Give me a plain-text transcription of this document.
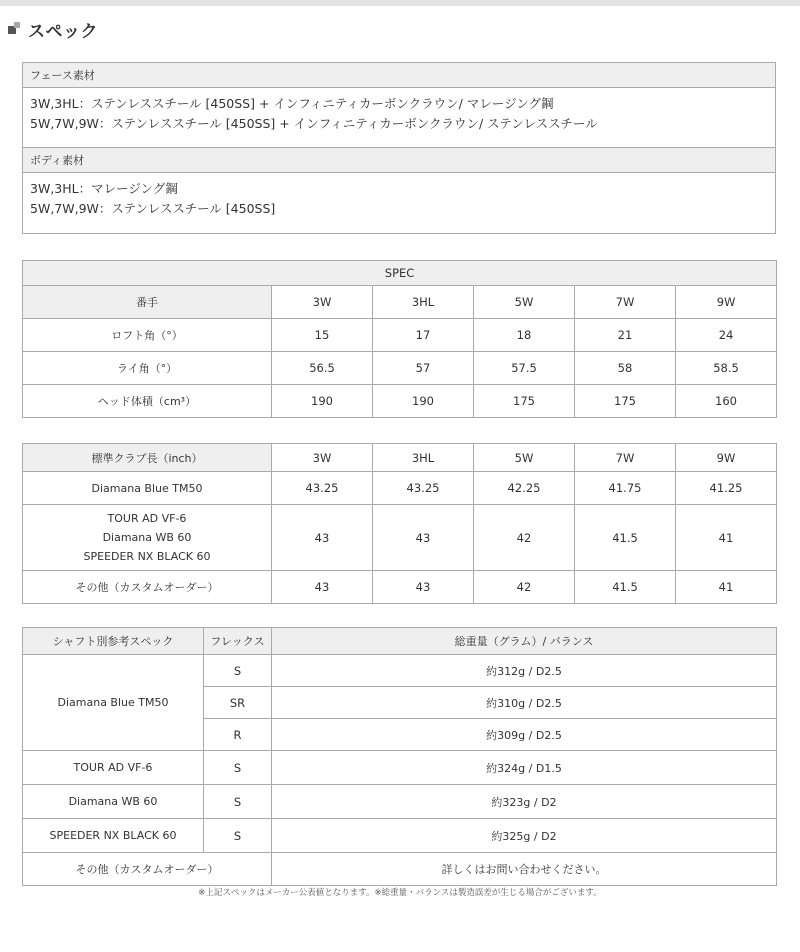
スペック
フェース素材
3W,3HL：ステンレススチール [450SS] + インフィニティカーボンクラウン/ マレージング鋼
5W,7W,9W：ステンレススチール [450SS] + インフィニティカーボンクラウン/ ステンレススチール
ボディ素材
3W,3HL：マレージング鋼
5W,7W,9W：ステンレススチール [450SS]
SPEC					
番手	3W	3HL	5W	7W	9W
ロフト角（°）	15	17	18	21	24
ライ角（°）	56.5	57	57.5	58	58.5
ヘッド体積（cm³）	190	190	175	175	160
標準クラブ長（inch）	3W	3HL	5W	7W	9W
Diamana Blue TM50	43.25	43.25	42.25	41.75	41.25

TOUR AD VF-6
Diamana WB 60
SPEEDER NX BLACK 60	43	43	42	41.5	41
その他（カスタムオーダー）	43	43	42	41.5	41
シャフト別参考スペック	フレックス	総重量（グラム）/ バランス
Diamana Blue TM50	S	約312g / D2.5
	SR	約310g / D2.5
	R	約309g / D2.5
TOUR AD VF-6	S	約324g / D1.5
Diamana WB 60	S	約323g / D2
SPEEDER NX BLACK 60	S	約325g / D2
その他（カスタムオーダー）		詳しくはお問い合わせください。
※上記スペックはメーカー公表値となります。※総重量・バランスは製造誤差が生じる場合がございます。
